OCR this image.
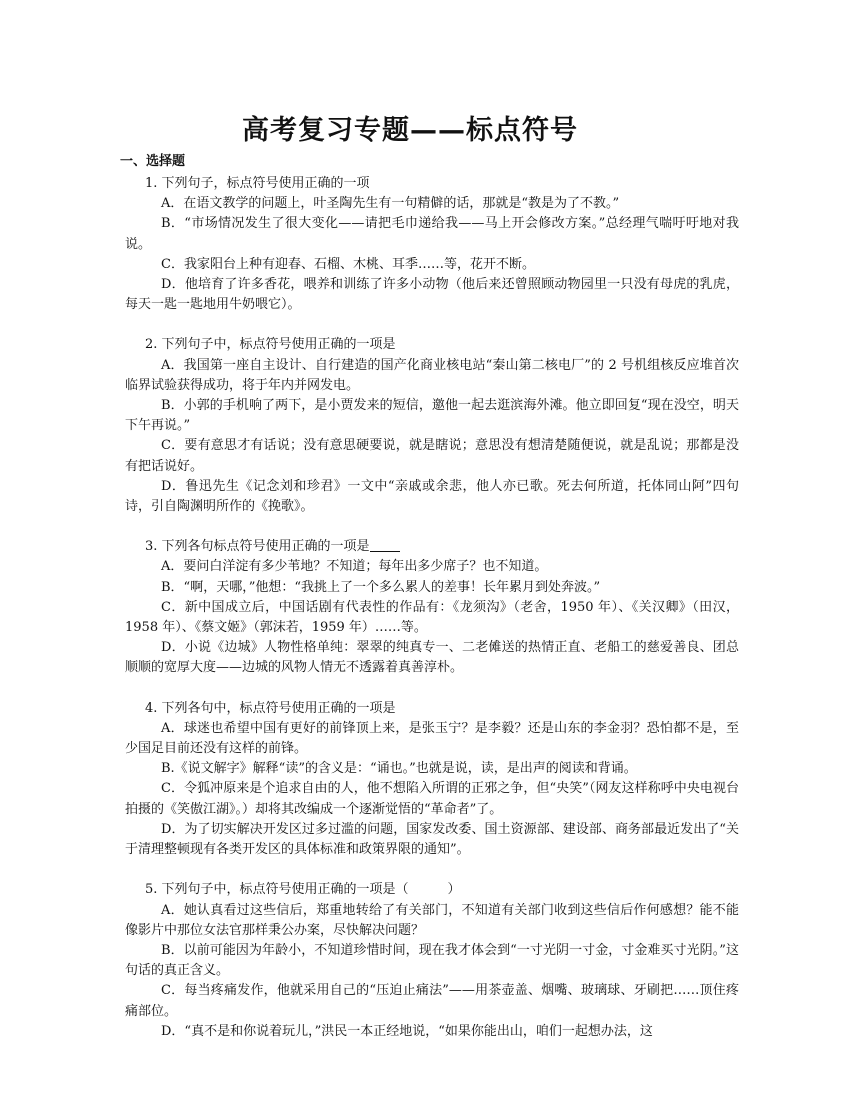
高考复习专题——标点符号
一、选择题
1. 下列句子，标点符号使用正确的一项
A．在语文教学的问题上，叶圣陶先生有一句精僻的话，那就是“教是为了不教。”
B．“市场情况发生了很大变化——请把毛巾递给我——马上开会修改方案。”总经理气喘吁吁地对我说。
C．我家阳台上种有迎春、石榴、木桃、耳季……等，花开不断。
D．他培育了许多香花，喂养和训练了许多小动物（他后来还曾照顾动物园里一只没有母虎的乳虎，每天一匙一匙地用牛奶喂它）。
2. 下列句子中，标点符号使用正确的一项是
A．我国第一座自主设计、自行建造的国产化商业核电站“秦山第二核电厂”的 2 号机组核反应堆首次临界试验获得成功，将于年内并网发电。
B．小郭的手机响了两下，是小贾发来的短信，邀他一起去逛滨海外滩。他立即回复“现在没空，明天下午再说。”
C．要有意思才有话说；没有意思硬要说，就是瞎说；意思没有想清楚随便说，就是乱说；那都是没有把话说好。
D．鲁迅先生《记念刘和珍君》一文中“亲戚或余悲，他人亦已歌。死去何所道，托体同山阿”四句诗，引自陶渊明所作的《挽歌》。
3. 下列各句标点符号使用正确的一项是
A．要问白洋淀有多少苇地？不知道；每年出多少席子？也不知道。
B．“啊，天哪，”他想：“我挑上了一个多么累人的差事！长年累月到处奔波。”
C．新中国成立后，中国话剧有代表性的作品有：《龙须沟》（老舍，1950 年）、《关汉卿》（田汉，1958 年）、《蔡文姬》（郭沫若，1959 年）……等。
D．小说《边城》人物性格单纯：翠翠的纯真专一、二老傩送的热情正直、老船工的慈爱善良、团总顺顺的宽厚大度——边城的风物人情无不透露着真善淳朴。
4. 下列各句中，标点符号使用正确的一项是
A．球迷也希望中国有更好的前锋顶上来，是张玉宁？是李毅？还是山东的李金羽？恐怕都不是，至少国足目前还没有这样的前锋。
B.《说文解字》解释“读”的含义是：“诵也。”也就是说，读，是出声的阅读和背诵。
C．令狐冲原来是个追求自由的人，他不想陷入所谓的正邪之争，但“央笑”（网友这样称呼中央电视台拍摄的《笑傲江湖》。）却将其改编成一个逐渐觉悟的“革命者”了。
D．为了切实解决开发区过多过滥的问题，国家发改委、国土资源部、建设部、商务部最近发出了“关于清理整顿现有各类开发区的具体标准和政策界限的通知”。
5. 下列句子中，标点符号使用正确的一项是（　　　）
A．她认真看过这些信后，郑重地转给了有关部门，不知道有关部门收到这些信后作何感想？能不能像影片中那位女法官那样秉公办案，尽快解决问题？
B．以前可能因为年龄小，不知道珍惜时间，现在我才体会到“一寸光阴一寸金，寸金难买寸光阴。”这句话的真正含义。
C．每当疼痛发作，他就采用自己的“压迫止痛法”——用茶壶盖、烟嘴、玻璃球、牙刷把……顶住疼痛部位。
D．“真不是和你说着玩儿，”洪民一本正经地说，“如果你能出山，咱们一起想办法，这
